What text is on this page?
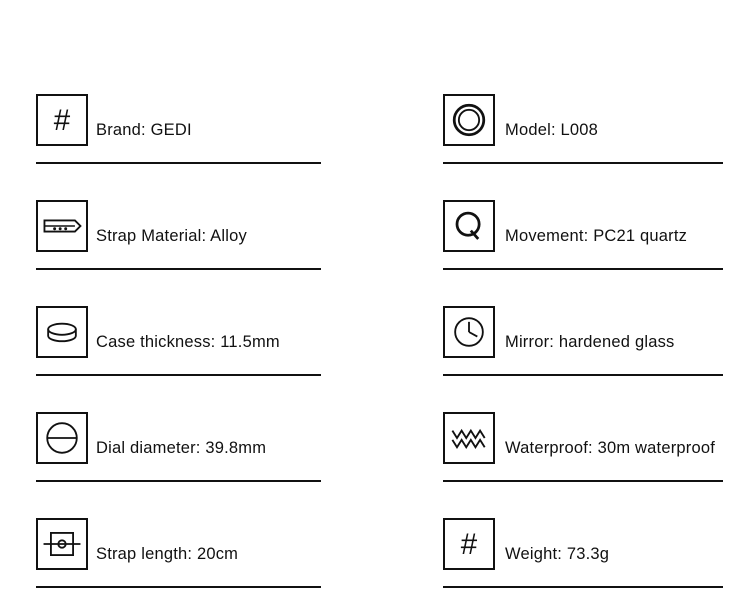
# Brand: GEDI
Strap Material: Alloy
Case thickness: 11.5mm
Dial diameter: 39.8mm
Strap length: 20cm
Model: L008
Movement: PC21 quartz
Mirror: hardened glass
Waterproof: 30m waterproof
# Weight: 73.3g
